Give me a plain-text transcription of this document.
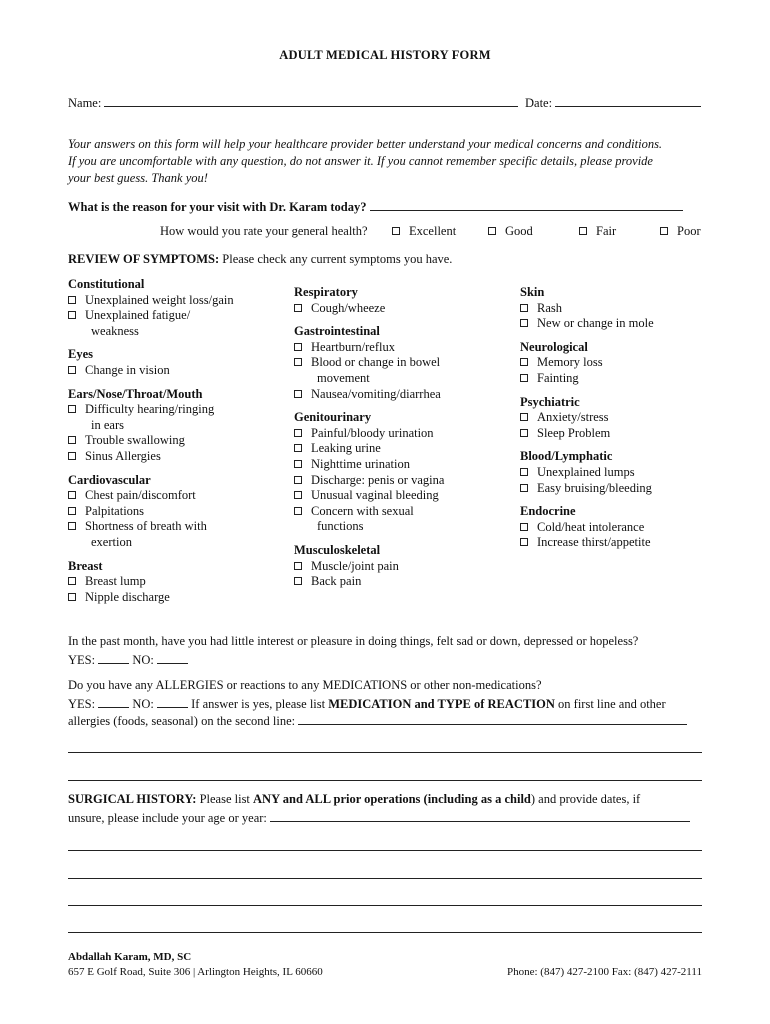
ADULT MEDICAL HISTORY FORM
Name:	Date:
Your answers on this form will help your healthcare provider better understand your medical concerns and conditions.
If you are uncomfortable with any question, do not answer it. If you cannot remember specific details, please provide
your best guess. Thank you!
What is the reason for your visit with Dr. Karam today?
How would you rate your general health?	Excellent	Good	Fair	Poor
REVIEW OF SYMPTOMS: Please check any current symptoms you have.
Constitutional
Unexplained weight loss/gain
Unexplained fatigue/
weakness
Eyes
Change in vision
Ears/Nose/Throat/Mouth
Difficulty hearing/ringing
in ears
Trouble swallowing
Sinus Allergies
Cardiovascular
Chest pain/discomfort
Palpitations
Shortness of breath with
exertion
Breast
Breast lump
Nipple discharge
Respiratory
Cough/wheeze
Gastrointestinal
Heartburn/reflux
Blood or change in bowel
movement
Nausea/vomiting/diarrhea
Genitourinary
Painful/bloody urination
Leaking urine
Nighttime urination
Discharge: penis or vagina
Unusual vaginal bleeding
Concern with sexual
functions
Musculoskeletal
Muscle/joint pain
Back pain
Skin
Rash
New or change in mole
Neurological
Memory loss
Fainting
Psychiatric
Anxiety/stress
Sleep Problem
Blood/Lymphatic
Unexplained lumps
Easy bruising/bleeding
Endocrine
Cold/heat intolerance
Increase thirst/appetite
In the past month, have you had little interest or pleasure in doing things, felt sad or down, depressed or hopeless?
YES:	NO:
Do you have any ALLERGIES or reactions to any MEDICATIONS or other non-medications?
YES:	NO:	If answer is yes, please list MEDICATION and TYPE of REACTION on first line and other
allergies (foods, seasonal) on the second line:
SURGICAL HISTORY: Please list ANY and ALL prior operations (including as a child) and provide dates, if
unsure, please include your age or year:
Abdallah Karam, MD, SC
657 E Golf Road, Suite 306 | Arlington Heights, IL 60660	Phone: (847) 427-2100 Fax: (847) 427-2111
